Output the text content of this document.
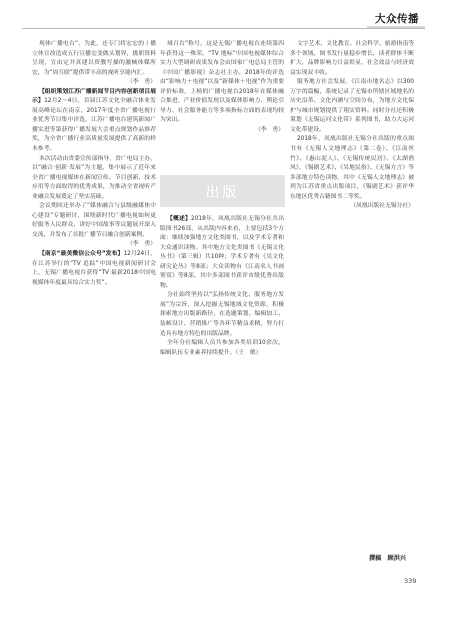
大众传播

现体广播电台”、为此，还专门将宏宏的丨播立体宣改造成五行宣播宏变做头划界，挑职资料呈现，宣由定并真建以资教写描的激械体媒所宏，为“周互联”提供带丰高的视听享能内汇。

（李　勇）

【组织策划江苏广播新闻节目内容创新项目展示】12月2～4日，首届江苏文化全融合体业发展高峰论坛在南京，2017年度全省广播电视行业优秀节目集中评选，江苏广播电台建筑新闻广播实进等第获得广播发展大会重点规划作品推荐奖，为全省广播行业高质量发展提供了高新的样本参考。

本次活动由省委宣传部指导，省广电局主办，以“融合·创新·发展”为主题，集中展示了近年来全省广播电视媒体在新闻宣传、节目创新、技术应用等方面取得的优秀成果，为推动全省视听产业融合发展奠定了坚实基础。

会议期间还举办了“媒体融合与县级融媒体中心建设”专题研讨，围绕新时代广播电视如何更好服务人民群众、讲好中国故事等议题展开深入交流，并发布了首批广播节目融合创新案例。

（李　勇）

【南京“最美微信公众号”发布】12月24日，在江苏举行的“TV 追踪”中国电视新闻研讨会上，无锡广播电视台获得“TV 最新2018中国电视媒体年度最具综合实力奖”。

域百台”称号，这是无锡广播电视台连续第四年获得这一殊荣。“TV 地标”中国电视媒体综合实力大型调研成果发布会由国家广电总局主管的《中国广播影视》杂志社主办，2018年的评选由“影响力＋电视”以及“新媒体＋电视”作为重要评价标准，上榜的广播电视台2018年在媒体融合推进、产业价值发现以及媒体影响力、舆论引导力、社会服务能力等多项指标方面的表现均较为突出。

（李　勇）

出版

【概述】2018年，凤凰出版社无锡分社共出版图书26部，从出版内容来看，主要包括3个方面：继续加强地方文化类图书，以及学术专著和大众通识读物。其中地方文化类图书《无锡文化丛书》（第三辑）共10种；学术专著有《吴文化研究论丛》等8部；大众读物有《江南名人书画鉴赏》等8部，其中多部图书获评市级优秀出版物。

分社始终坚持以“弘扬传统文化、服务地方发展”为宗旨，深入挖掘无锡地域文化资源，积极探索地方出版新路径，在选题策划、编辑加工、装帧设计、营销推广等各环节精益求精，努力打造具有地方特色的出版品牌。

全年分社编辑人员共参加各类培训10余次，编辑队伍专业素养持续提升。（王　敏）

文字艺术、文化教育、社会科学、旅游指南等多个领域，图书发行量稳步增长，读者群体不断扩大，品牌影响力日益彰显，社会效益与经济效益实现双丰收。

服务地方社会发展。《江南市地名志》以300万字的篇幅，系统记录了无锡市所辖区域地名的历史沿革、文化内涵与空间分布，为地方文化保护与城市规划提供了翔实资料。同时分社还积极策划《无锡运河文化带》系列图书，助力大运河文化带建设。

2018年，凤凰出版社无锡分社出版的重点图书有《无锡人文地理志》（第二卷）、《江南丝竹》、《惠山泥人》、《无锡传统民居》、《太湖渔风》、《锡剧艺术》、《吴地民俗》、《无锡方言》等多部地方特色读物，其中《无锡人文地理志》被列为江苏省重点出版项目，《锡剧艺术》获评华东地区优秀古籍图书二等奖。

（凤凰出版社无锡分社）

撰稿　顾洪兴
339
